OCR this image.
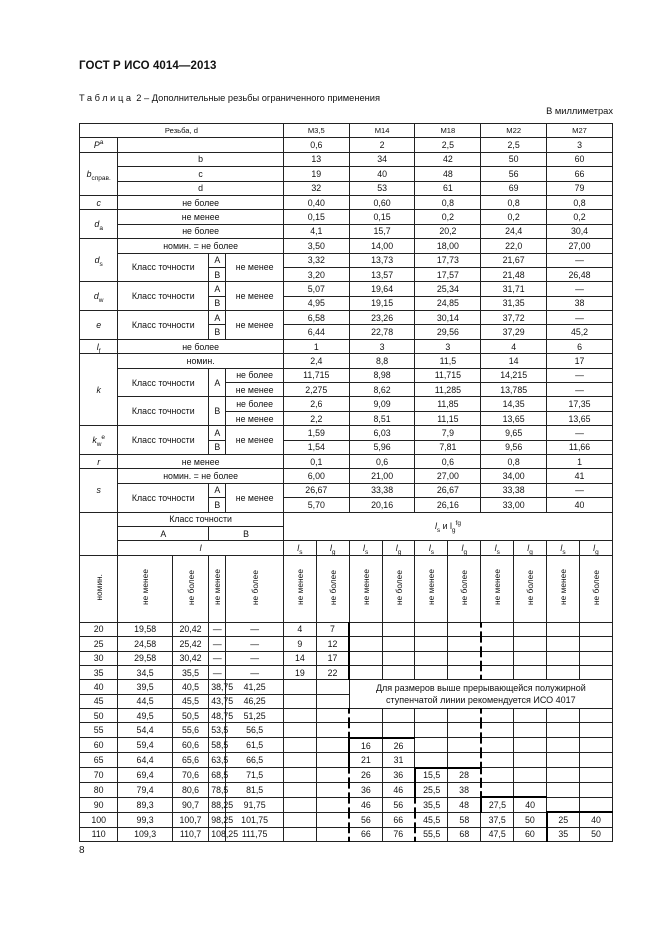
ГОСТ Р ИСО 4014—2013
Таблица 2 – Дополнительные резьбы ограниченного применения
В миллиметрах
Резьба, d					M3,5		M14		M18		M22		M27	
$P^a$					0,6		2		2,5		2,5		3	
$b_{справ.}$	b				13		34		42		50		60	
	c				19		40		48		56		66	
	d				32		53		61		69		79	
c	не более				0,40		0,60		0,8		0,8		0,8	
$d_a$	не менее				0,15		0,15		0,2		0,2		0,2	
	не более				4,1		15,7		20,2		24,4		30,4	
$d_s$	номин. = не более				3,50		14,00		18,00		22,0		27,00	
	Класс точности		A	не менее	3,32		13,73		17,73		21,67		—	
			B		3,20		13,57		17,57		21,48		26,48	
$d_w$	Класс точности		A	не менее	5,07		19,64		25,34		31,71		—	
			B		4,95		19,15		24,85		31,35		38	
e	Класс точности		A	не менее	6,58		23,26		30,14		37,72		—	
			B		6,44		22,78		29,56		37,29		45,2	
$l_f$	не более				1		3		3		4		6	
k	номин.				2,4		8,8		11,5		14		17	
	Класс точности		A	не более	11,715		8,98		11,715		14,215		—	
				не менее	2,275		8,62		11,285		13,785		—	
	Класс точности		B	не более	2,6		9,09		11,85		14,35		17,35	
				не менее	2,2		8,51		11,15		13,65		13,65	
$k_w^e$	Класс точности		A	не менее	1,59		6,03		7,9		9,65		—	
			B		1,54		5,96		7,81		9,56		11,66	
r	не менее				0,1		0,6		0,6		0,8		1	
s	номин. = не более				6,00		21,00		27,00		34,00		41	
	Класс точности		A	не менее	26,67		33,38		26,67		33,38		—	
			B		5,70		20,16		26,16		33,00		40	
	Класс точности				$l_s$ и $l_g^{fg}$
	A		B											
	l				$l_s$	$l_g$	$l_s$	$l_g$	$l_s$	$l_g$	$l_s$	$l_g$	$l_s$	$l_g$
номин.	не менее	не более	не менее	не более	не менее	не более	не менее	не более	не менее	не более	не менее	не более	не менее	не более
20	19,58	20,42	—	—	4	7								
25	24,58	25,42	—	—	9	12								
30	29,58	30,42	—	—	14	17								
35	34,5	35,5	—	—	19	22								
40	39,5	40,5	38,75	41,25			Для размеров выше прерывающейся полужирной ступенчатой линии рекомендуется ИСО 4017							
45	44,5	45,5	43,75	46,25										
50	49,5	50,5	48,75	51,25										
55	54,4	55,6	53,5	56,5										
60	59,4	60,6	58,5	61,5			16	26						
65	64,4	65,6	63,5	66,5			21	31						
70	69,4	70,6	68,5	71,5			26	36	15,5	28				
80	79,4	80,6	78,5	81,5			36	46	25,5	38				
90	89,3	90,7	88,25	91,75			46	56	35,5	48	27,5	40		
100	99,3	100,7	98,25	101,75			56	66	45,5	58	37,5	50	25	40
110	109,3	110,7	108,25	111,75			66	76	55,5	68	47,5	60	35	50
8
